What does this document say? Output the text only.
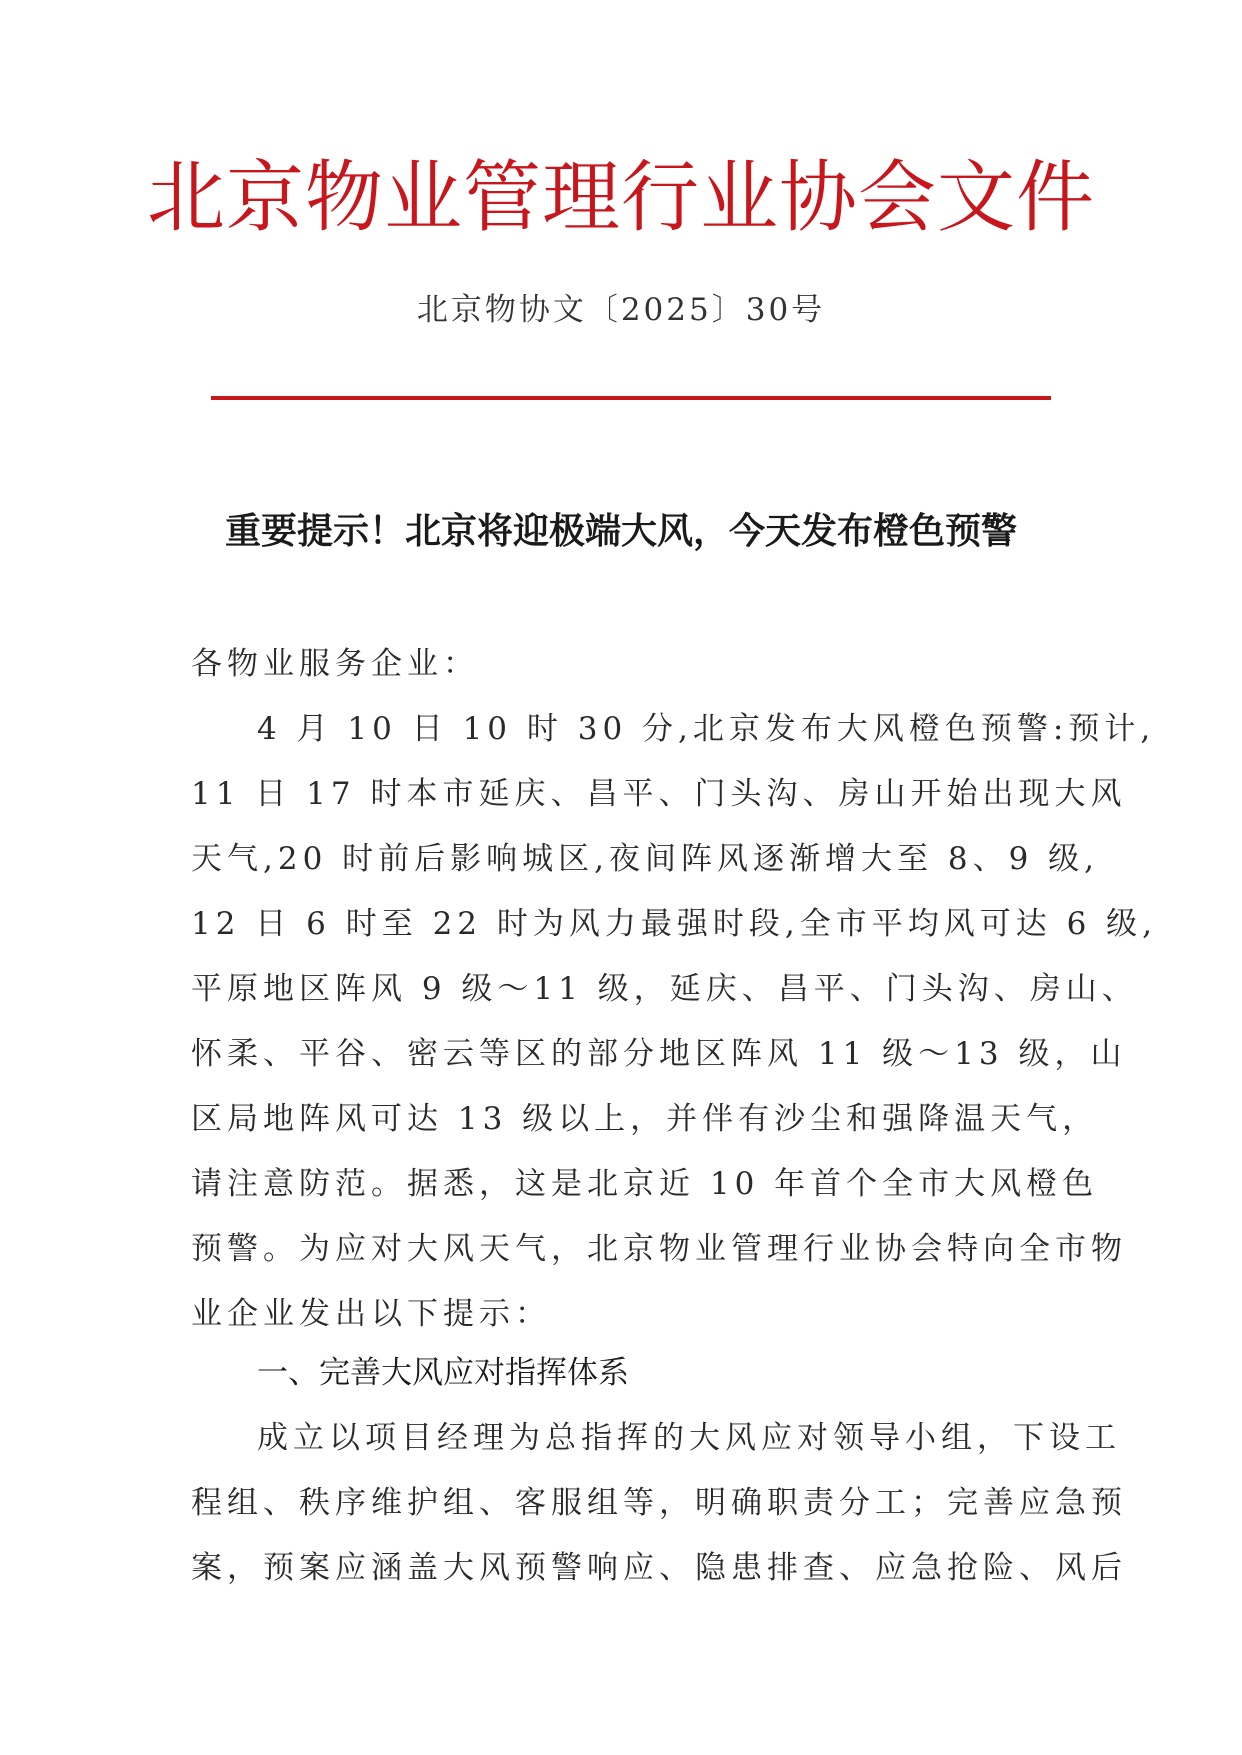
北京物业管理行业协会文件
北京物协文〔2025〕30号
重要提示！北京将迎极端大风，今天发布橙色预警
各物业服务企业：
4 月 10 日 10 时 30 分,北京发布大风橙色预警:预计,
11 日 17 时本市延庆、昌平、门头沟、房山开始出现大风
天气,20 时前后影响城区,夜间阵风逐渐增大至 8、9 级,
12 日 6 时至 22 时为风力最强时段,全市平均风可达 6 级,
平原地区阵风 9 级～11 级，延庆、昌平、门头沟、房山、
怀柔、平谷、密云等区的部分地区阵风 11 级～13 级，山
区局地阵风可达 13 级以上，并伴有沙尘和强降温天气，
请注意防范。据悉，这是北京近 10 年首个全市大风橙色
预警。为应对大风天气，北京物业管理行业协会特向全市物
业企业发出以下提示：
一、完善大风应对指挥体系
成立以项目经理为总指挥的大风应对领导小组，下设工
程组、秩序维护组、客服组等，明确职责分工；完善应急预
案，预案应涵盖大风预警响应、隐患排查、应急抢险、风后
